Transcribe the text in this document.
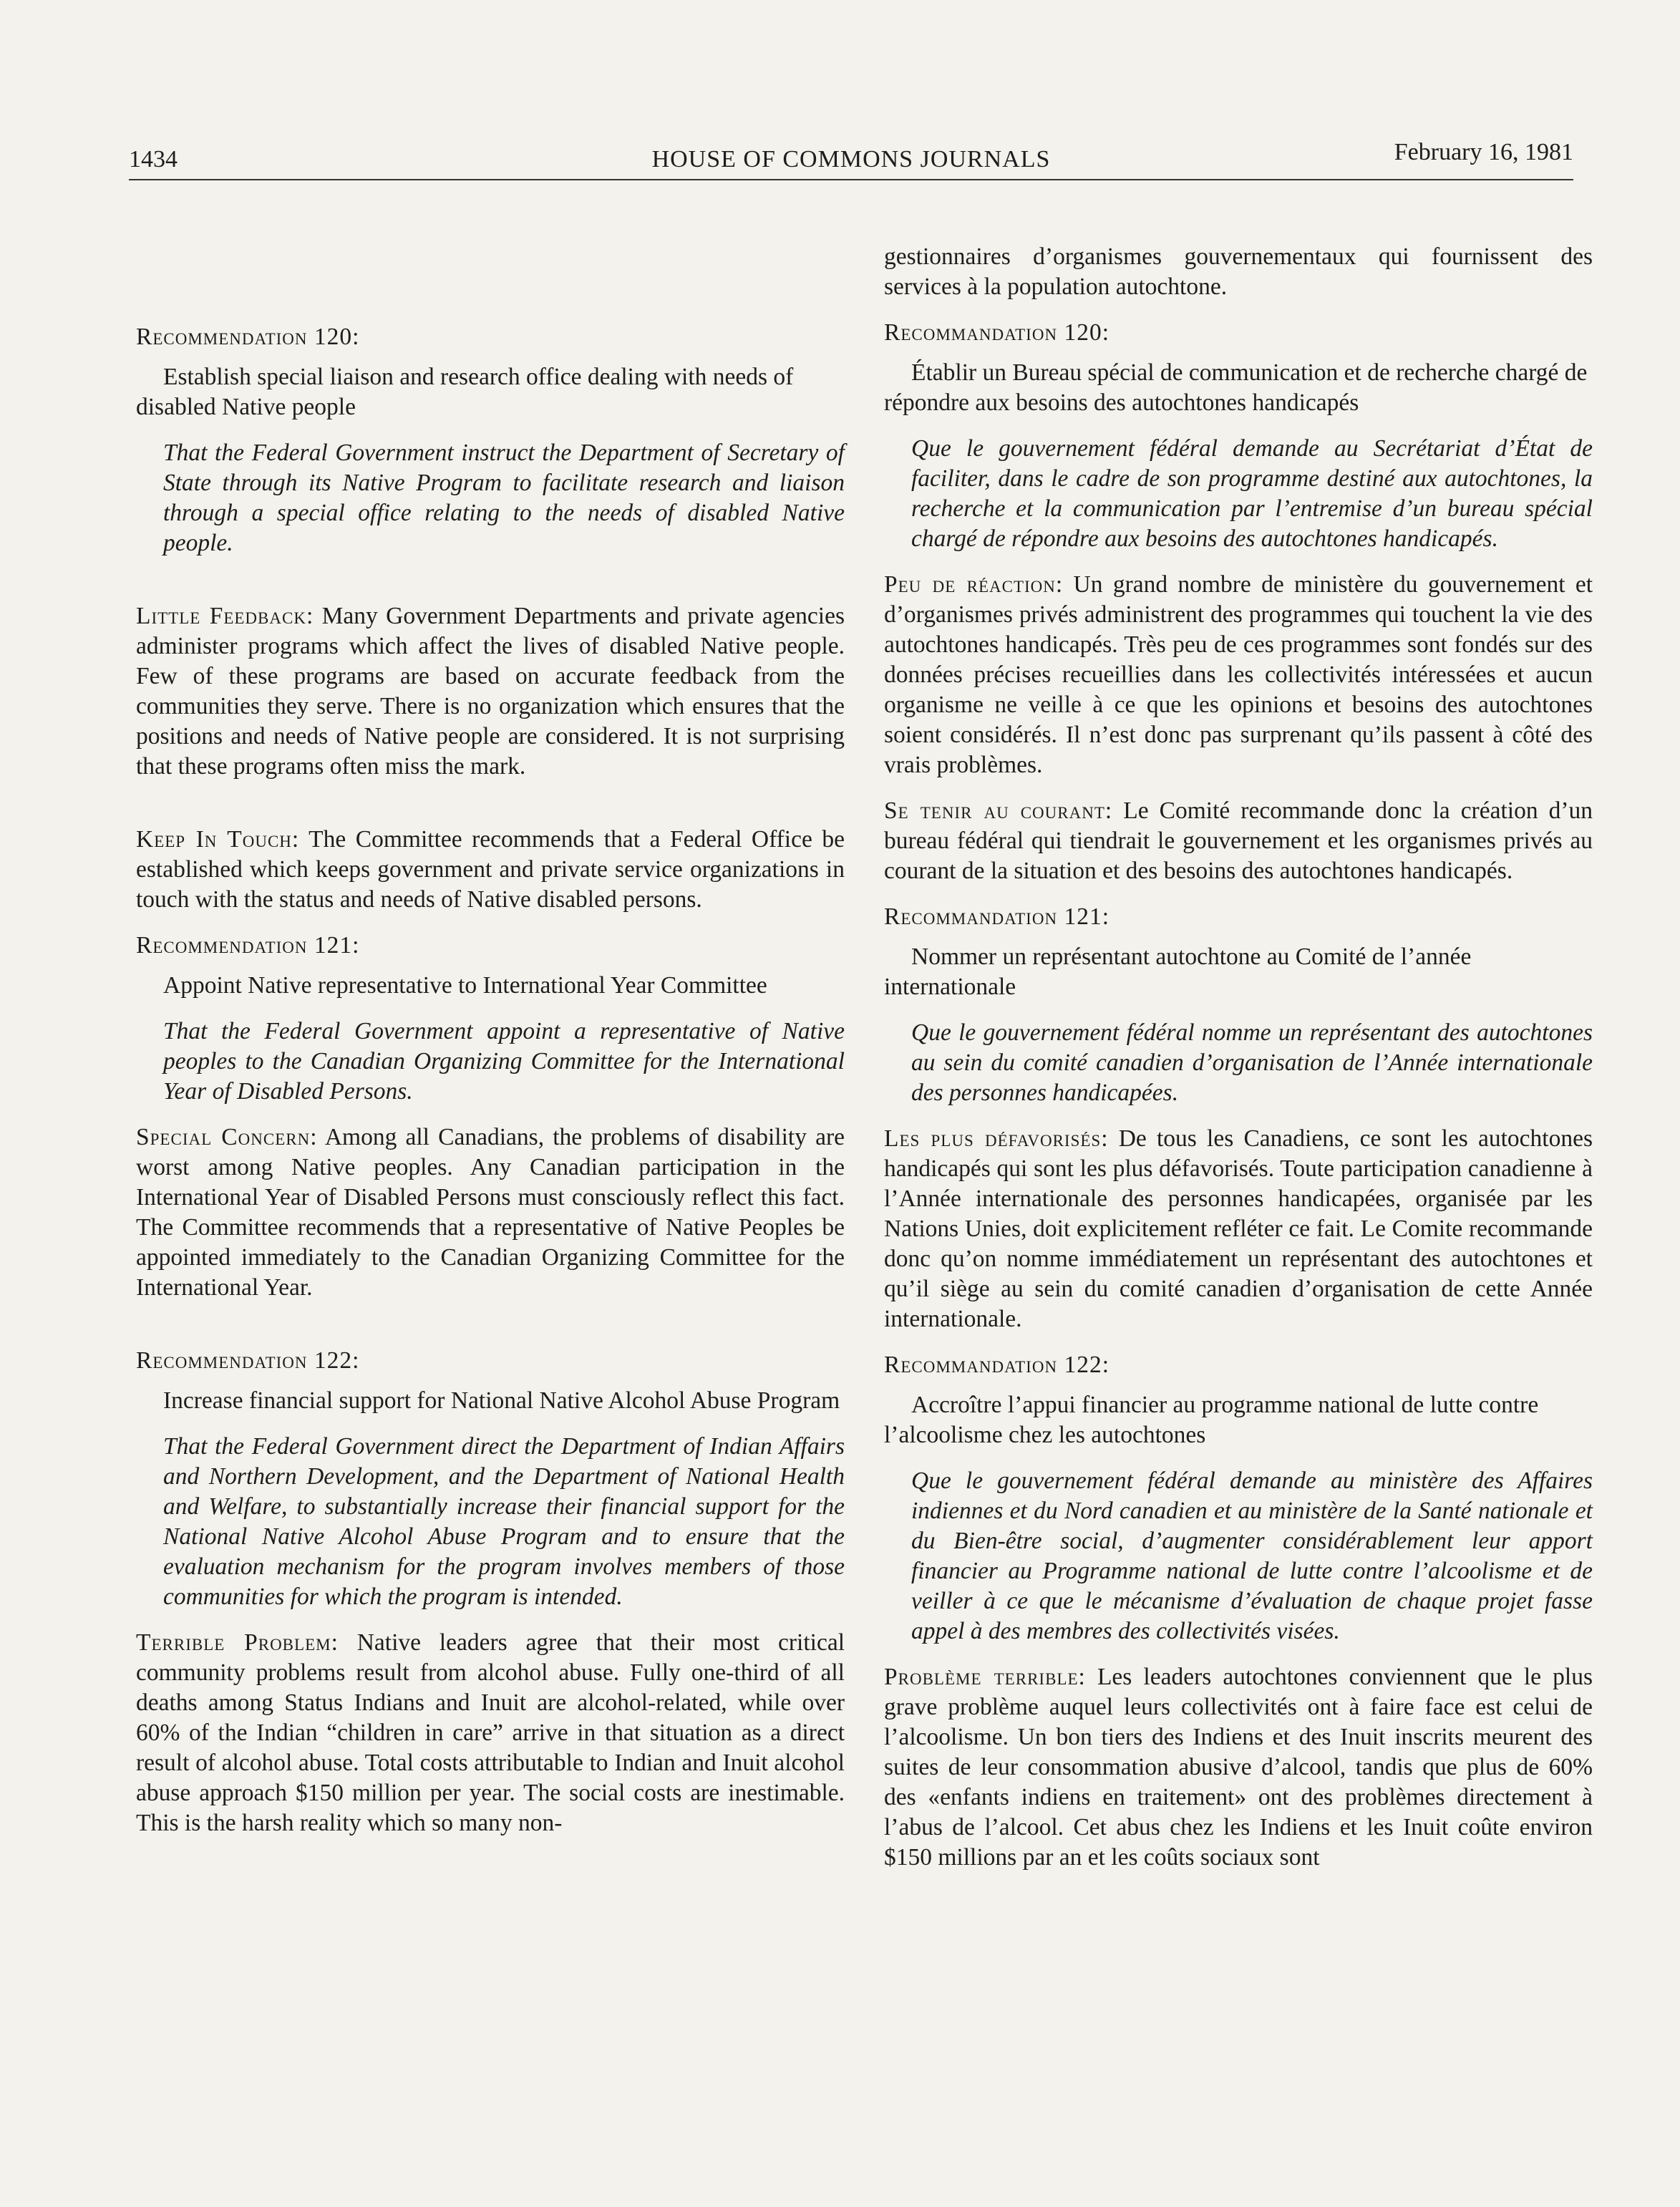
1434	HOUSE OF COMMONS JOURNALS	February 16, 1981

Recommendation 120:

Establish special liaison and research office dealing with needs of disabled Native people

That the Federal Government instruct the Department of Secretary of State through its Native Program to facilitate research and liaison through a special office relating to the needs of disabled Native people.

Little Feedback: Many Government Departments and private agencies administer programs which affect the lives of disabled Native people. Few of these programs are based on accurate feedback from the communities they serve. There is no organization which ensures that the positions and needs of Native people are considered. It is not surprising that these programs often miss the mark.

Keep In Touch: The Committee recommends that a Federal Office be established which keeps government and private service organizations in touch with the status and needs of Native disabled persons.

Recommendation 121:

Appoint Native representative to International Year Committee

That the Federal Government appoint a representative of Native peoples to the Canadian Organizing Committee for the International Year of Disabled Persons.

Special Concern: Among all Canadians, the problems of disability are worst among Native peoples. Any Canadian participation in the International Year of Disabled Persons must consciously reflect this fact. The Committee recommends that a representative of Native Peoples be appointed immediately to the Canadian Organizing Committee for the International Year.

Recommendation 122:

Increase financial support for National Native Alcohol Abuse Program

That the Federal Government direct the Department of Indian Affairs and Northern Development, and the Department of National Health and Welfare, to substantially increase their financial support for the National Native Alcohol Abuse Program and to ensure that the evaluation mechanism for the program involves members of those communities for which the program is intended.

Terrible Problem: Native leaders agree that their most critical community problems result from alcohol abuse. Fully one-third of all deaths among Status Indians and Inuit are alcohol-related, while over 60% of the Indian “children in care” arrive in that situation as a direct result of alcohol abuse. Total costs attributable to Indian and Inuit alcohol abuse approach $150 million per year. The social costs are inestimable. This is the harsh reality which so many non-

gestionnaires d’organismes gouvernementaux qui fournissent des services à la population autochtone.

Recommandation 120:

Établir un Bureau spécial de communication et de recherche chargé de répondre aux besoins des autochtones handicapés

Que le gouvernement fédéral demande au Secrétariat d’État de faciliter, dans le cadre de son programme destiné aux autochtones, la recherche et la communication par l’entremise d’un bureau spécial chargé de répondre aux besoins des autochtones handicapés.

Peu de réaction: Un grand nombre de ministère du gouvernement et d’organismes privés administrent des programmes qui touchent la vie des autochtones handicapés. Très peu de ces programmes sont fondés sur des données précises recueillies dans les collectivités intéressées et aucun organisme ne veille à ce que les opinions et besoins des autochtones soient considérés. Il n’est donc pas surprenant qu’ils passent à côté des vrais problèmes.

Se tenir au courant: Le Comité recommande donc la création d’un bureau fédéral qui tiendrait le gouvernement et les organismes privés au courant de la situation et des besoins des autochtones handicapés.

Recommandation 121:

Nommer un représentant autochtone au Comité de l’année internationale

Que le gouvernement fédéral nomme un représentant des autochtones au sein du comité canadien d’organisation de l’Année internationale des personnes handicapées.

Les plus défavorisés: De tous les Canadiens, ce sont les autochtones handicapés qui sont les plus défavorisés. Toute participation canadienne à l’Année internationale des personnes handicapées, organisée par les Nations Unies, doit explicitement refléter ce fait. Le Comite recommande donc qu’on nomme immédiatement un représentant des autochtones et qu’il siège au sein du comité canadien d’organisation de cette Année internationale.

Recommandation 122:

Accroître l’appui financier au programme national de lutte contre l’alcoolisme chez les autochtones

Que le gouvernement fédéral demande au ministère des Affaires indiennes et du Nord canadien et au ministère de la Santé nationale et du Bien-être social, d’augmenter considérablement leur apport financier au Programme national de lutte contre l’alcoolisme et de veiller à ce que le mécanisme d’évaluation de chaque projet fasse appel à des membres des collectivités visées.

Problème terrible: Les leaders autochtones conviennent que le plus grave problème auquel leurs collectivités ont à faire face est celui de l’alcoolisme. Un bon tiers des Indiens et des Inuit inscrits meurent des suites de leur consommation abusive d’alcool, tandis que plus de 60% des «enfants indiens en traitement» ont des problèmes directement à l’abus de l’alcool. Cet abus chez les Indiens et les Inuit coûte environ $150 millions par an et les coûts sociaux sont
